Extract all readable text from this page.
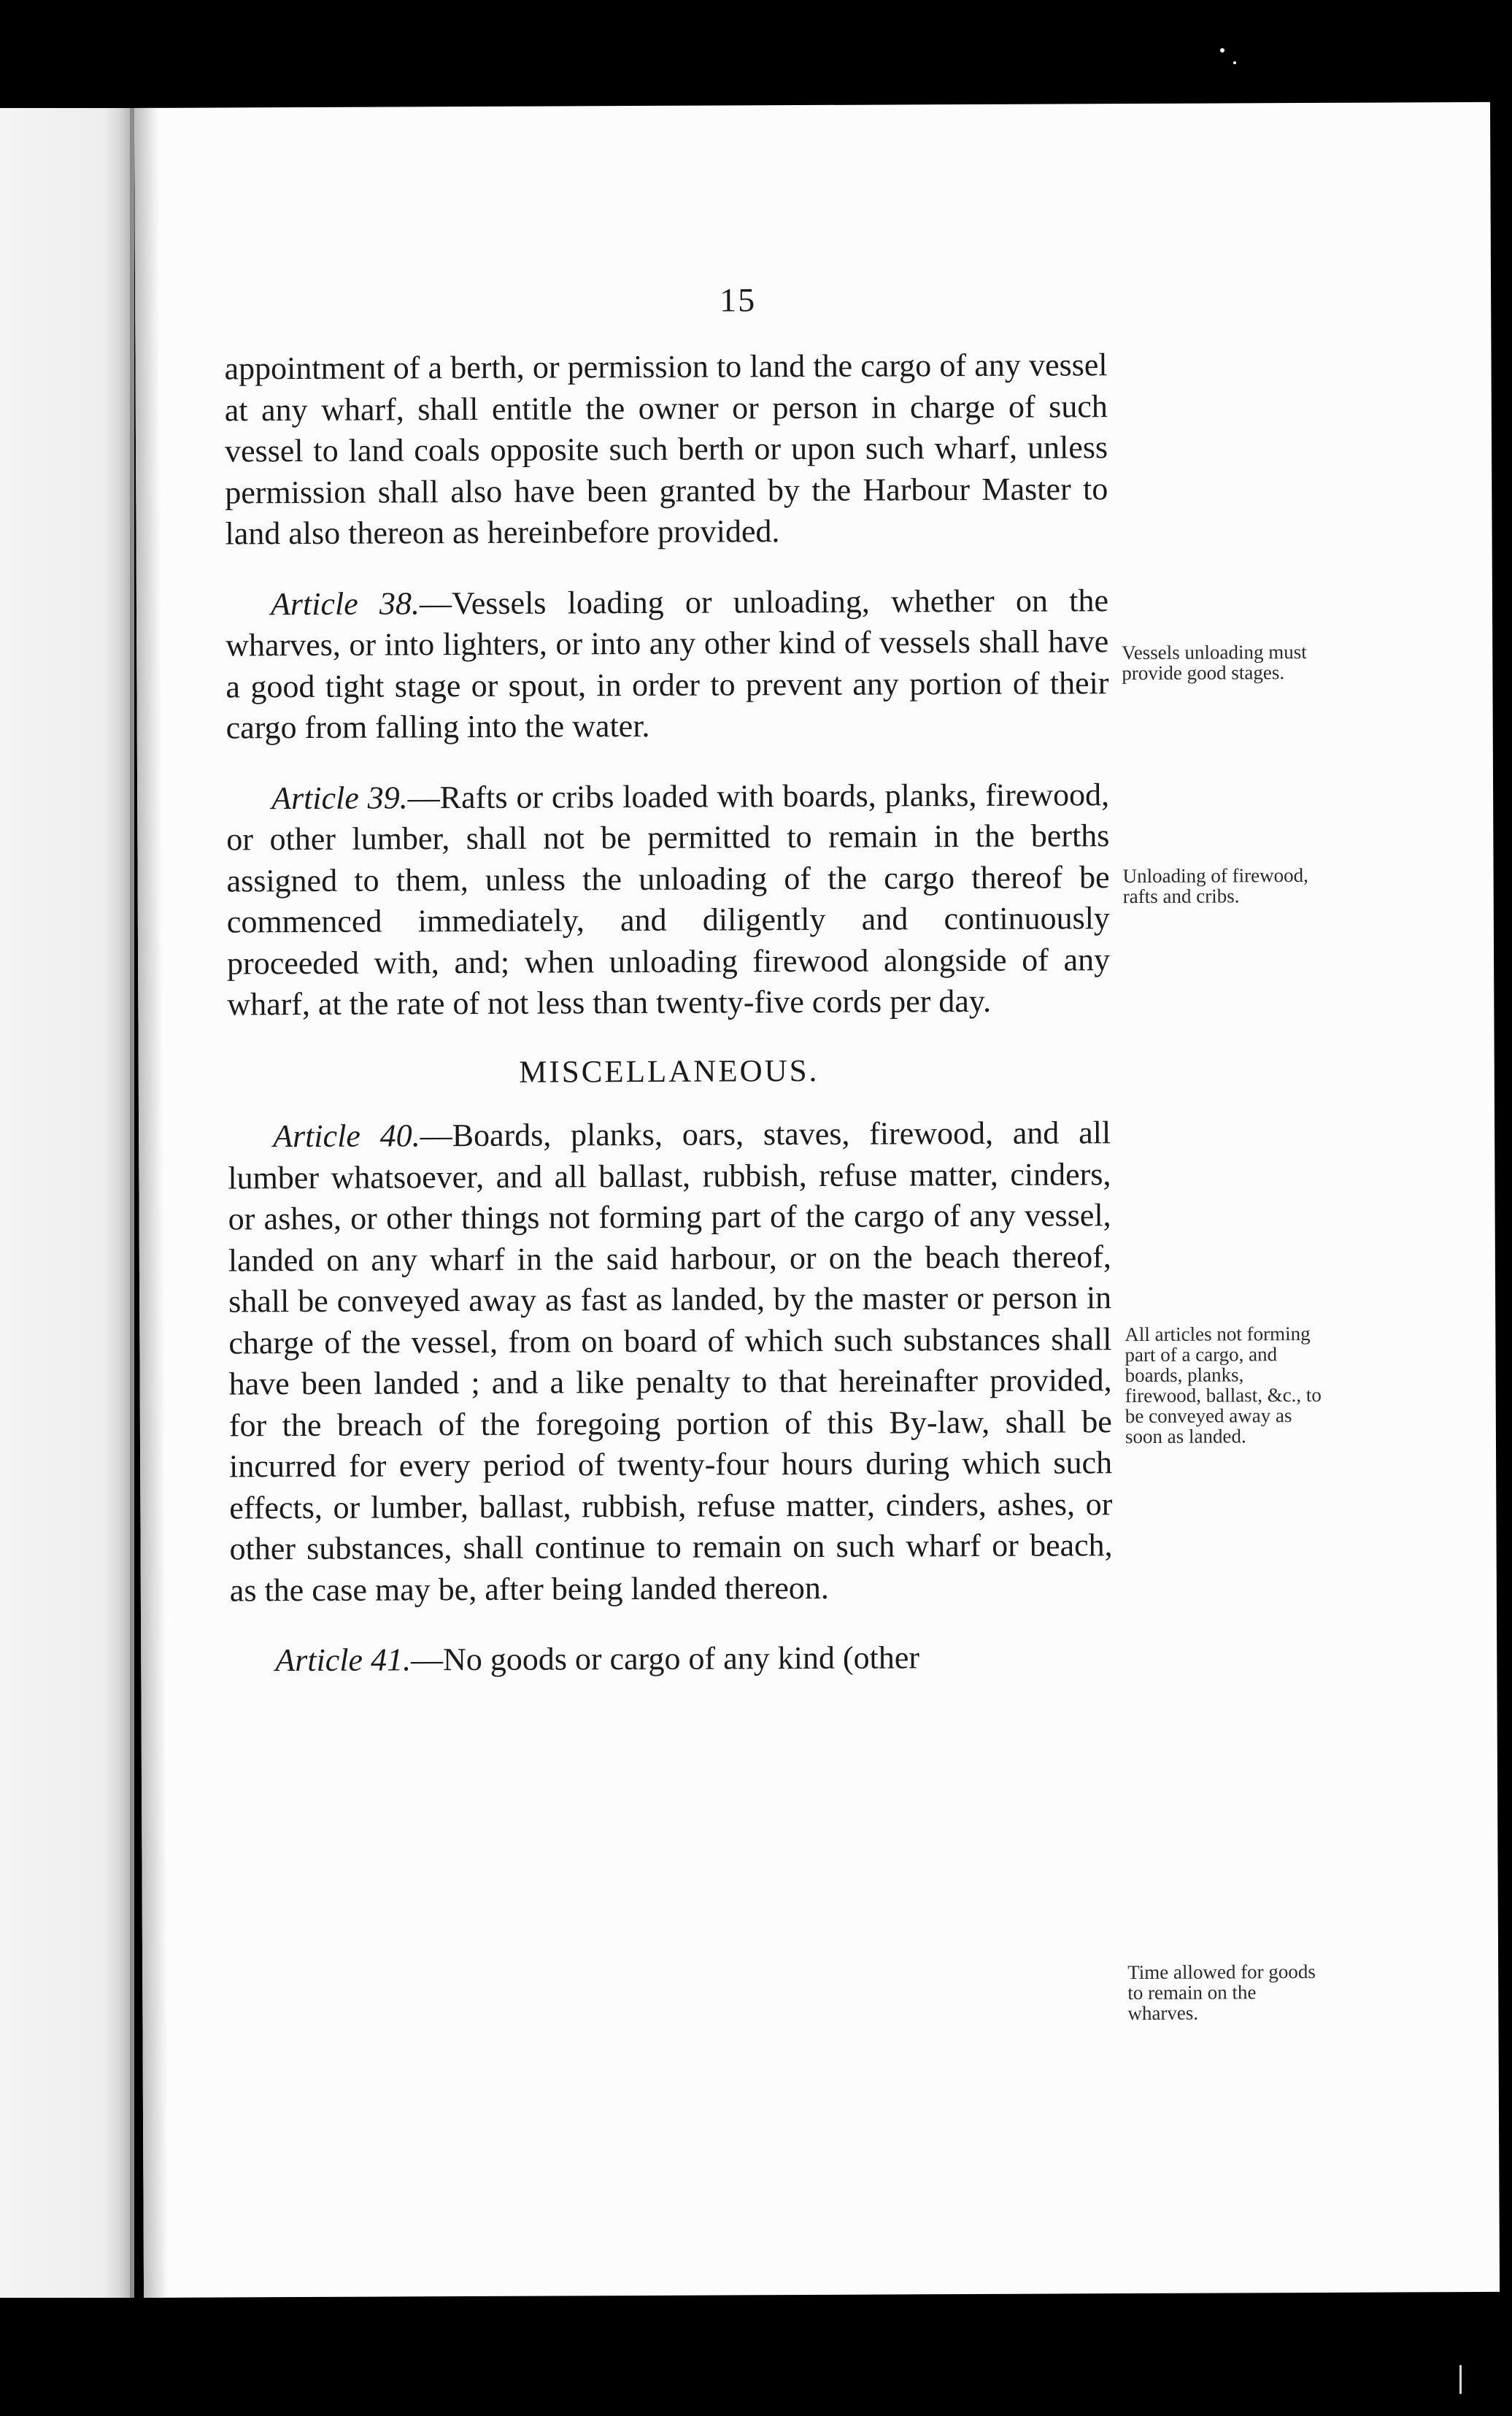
15

appointment of a berth, or permission to land the cargo of any vessel at any wharf, shall entitle the owner or person in charge of such vessel to land coals opposite such berth or upon such wharf, unless permission shall also have been granted by the Harbour Master to land also thereon as hereinbefore provided.

Article 38.—Vessels loading or unloading, whether on the wharves, or into lighters, or into any other kind of vessels shall have a good tight stage or spout, in order to prevent any portion of their cargo from falling into the water.

Article 39.—Rafts or cribs loaded with boards, planks, firewood, or other lumber, shall not be permitted to remain in the berths assigned to them, unless the unloading of the cargo thereof be commenced immediately, and diligently and continuously proceeded with, and; when unloading firewood alongside of any wharf, at the rate of not less than twenty-five cords per day.

MISCELLANEOUS.

Article 40.—Boards, planks, oars, staves, firewood, and all lumber whatsoever, and all ballast, rubbish, refuse matter, cinders, or ashes, or other things not forming part of the cargo of any vessel, landed on any wharf in the said harbour, or on the beach thereof, shall be conveyed away as fast as landed, by the master or person in charge of the vessel, from on board of which such substances shall have been landed ; and a like penalty to that hereinafter provided, for the breach of the foregoing portion of this By-law, shall be incurred for every period of twenty-four hours during which such effects, or lumber, ballast, rubbish, refuse matter, cinders, ashes, or other substances, shall continue to remain on such wharf or beach, as the case may be, after being landed thereon.

Article 41.—No goods or cargo of any kind (other

Vessels unloading must provide good stages.
Unloading of firewood, rafts and cribs.
All articles not forming part of a cargo, and boards, planks, firewood, ballast, &c., to be conveyed away as soon as landed.
Time allowed for goods to remain on the wharves.
